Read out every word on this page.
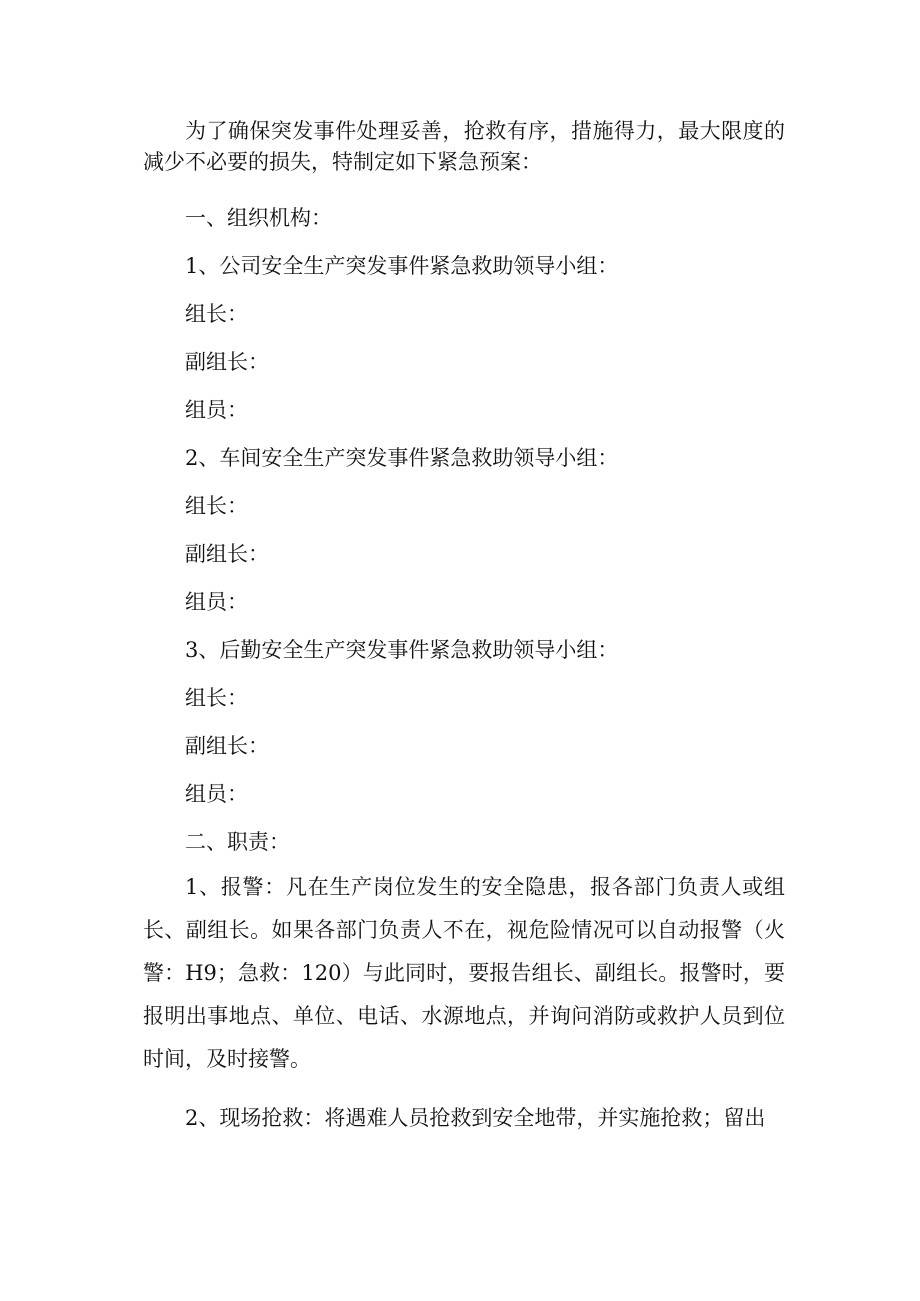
为了确保突发事件处理妥善，抢救有序，措施得力，最大限度的减少不必要的损失，特制定如下紧急预案：

一、组织机构：

1、公司安全生产突发事件紧急救助领导小组：

组长：

副组长：

组员：

2、车间安全生产突发事件紧急救助领导小组：

组长：

副组长：

组员：

3、后勤安全生产突发事件紧急救助领导小组：

组长：

副组长：

组员：

二、职责：

1、报警：凡在生产岗位发生的安全隐患，报各部门负责人或组长、副组长。如果各部门负责人不在，视危险情况可以自动报警（火警：H9；急救：120）与此同时，要报告组长、副组长。报警时，要报明出事地点、单位、电话、水源地点，并询问消防或救护人员到位时间，及时接警。

2、现场抢救：将遇难人员抢救到安全地带，并实施抢救；留出
